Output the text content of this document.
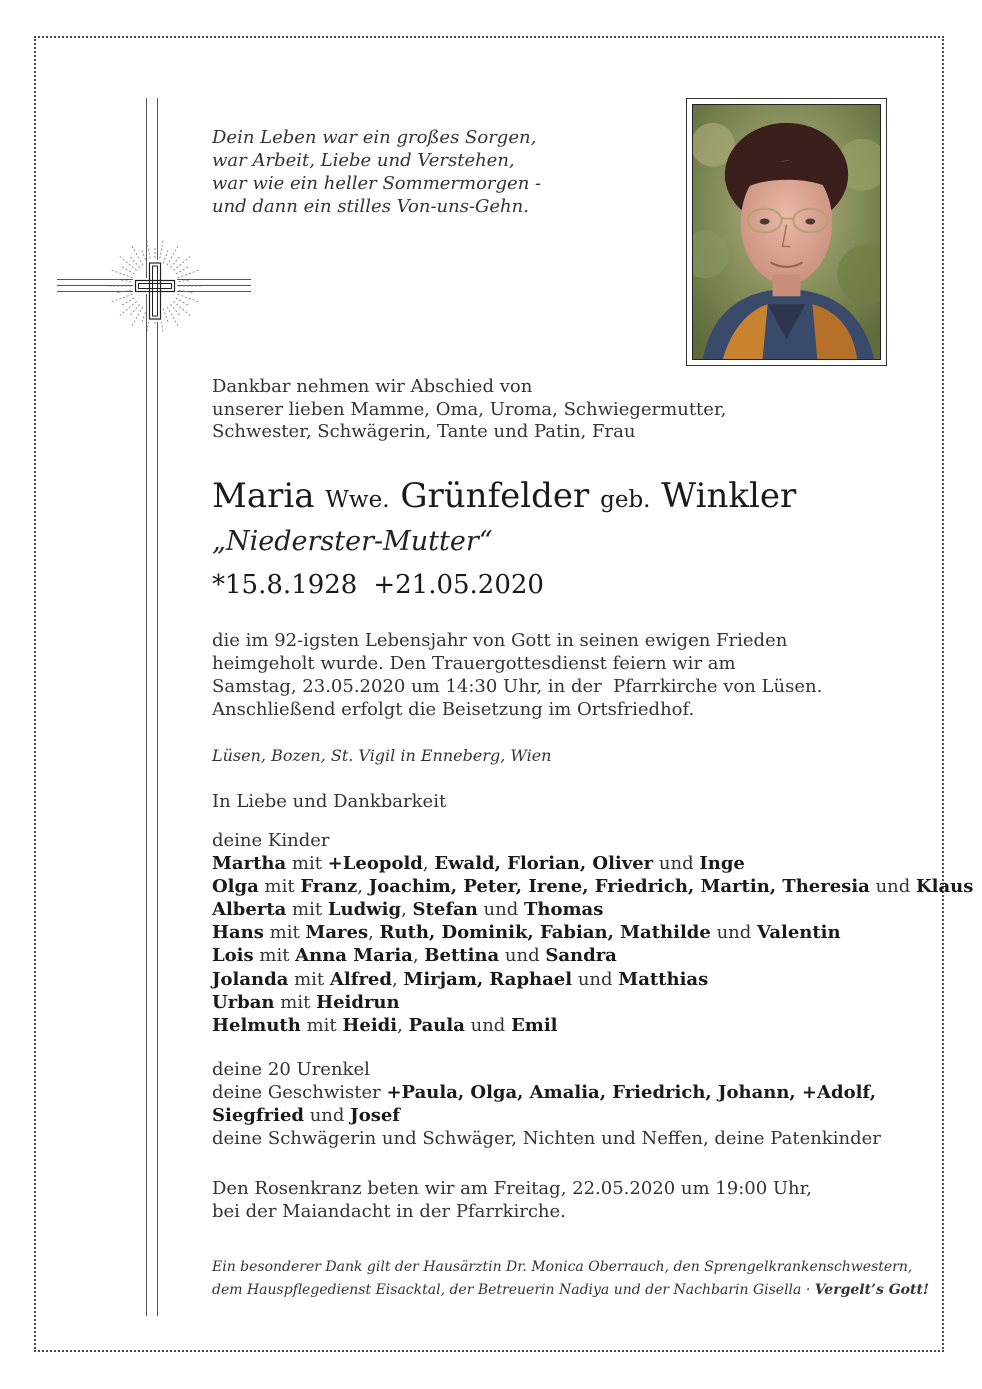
Dein Leben war ein großes Sorgen,
war Arbeit, Liebe und Verstehen,
war wie ein heller Sommermorgen -
und dann ein stilles Von-uns-Gehn.
Dankbar nehmen wir Abschied von
unserer lieben Mamme, Oma, Uroma, Schwiegermutter,
Schwester, Schwägerin, Tante und Patin, Frau
Maria Wwe. Grünfelder geb. Winkler
„Niederster-Mutter“
*15.8.1928 +21.05.2020
die im 92-igsten Lebensjahr von Gott in seinen ewigen Frieden
heimgeholt wurde. Den Trauergottesdienst feiern wir am
Samstag, 23.05.2020 um 14:30 Uhr, in der  Pfarrkirche von Lüsen.
Anschließend erfolgt die Beisetzung im Ortsfriedhof.
Lüsen, Bozen, St. Vigil in Enneberg, Wien
In Liebe und Dankbarkeit
deine Kinder
Martha mit +Leopold, Ewald, Florian, Oliver und Inge
Olga mit Franz, Joachim, Peter, Irene, Friedrich, Martin, Theresia und Klaus
Alberta mit Ludwig, Stefan und Thomas
Hans mit Mares, Ruth, Dominik, Fabian, Mathilde und Valentin
Lois mit Anna Maria, Bettina und Sandra
Jolanda mit Alfred, Mirjam, Raphael und Matthias
Urban mit Heidrun
Helmuth mit Heidi, Paula und Emil
deine 20 Urenkel
deine Geschwister +Paula, Olga, Amalia, Friedrich, Johann, +Adolf,
Siegfried und Josef
deine Schwägerin und Schwäger, Nichten und Neffen, deine Patenkinder
Den Rosenkranz beten wir am Freitag, 22.05.2020 um 19:00 Uhr,
bei der Maiandacht in der Pfarrkirche.
Ein besonderer Dank gilt der Hausärztin Dr. Monica Oberrauch, den Sprengelkrankenschwestern,
dem Hauspflegedienst Eisacktal, der Betreuerin Nadiya und der Nachbarin Gisella · Vergelt’s Gott!
